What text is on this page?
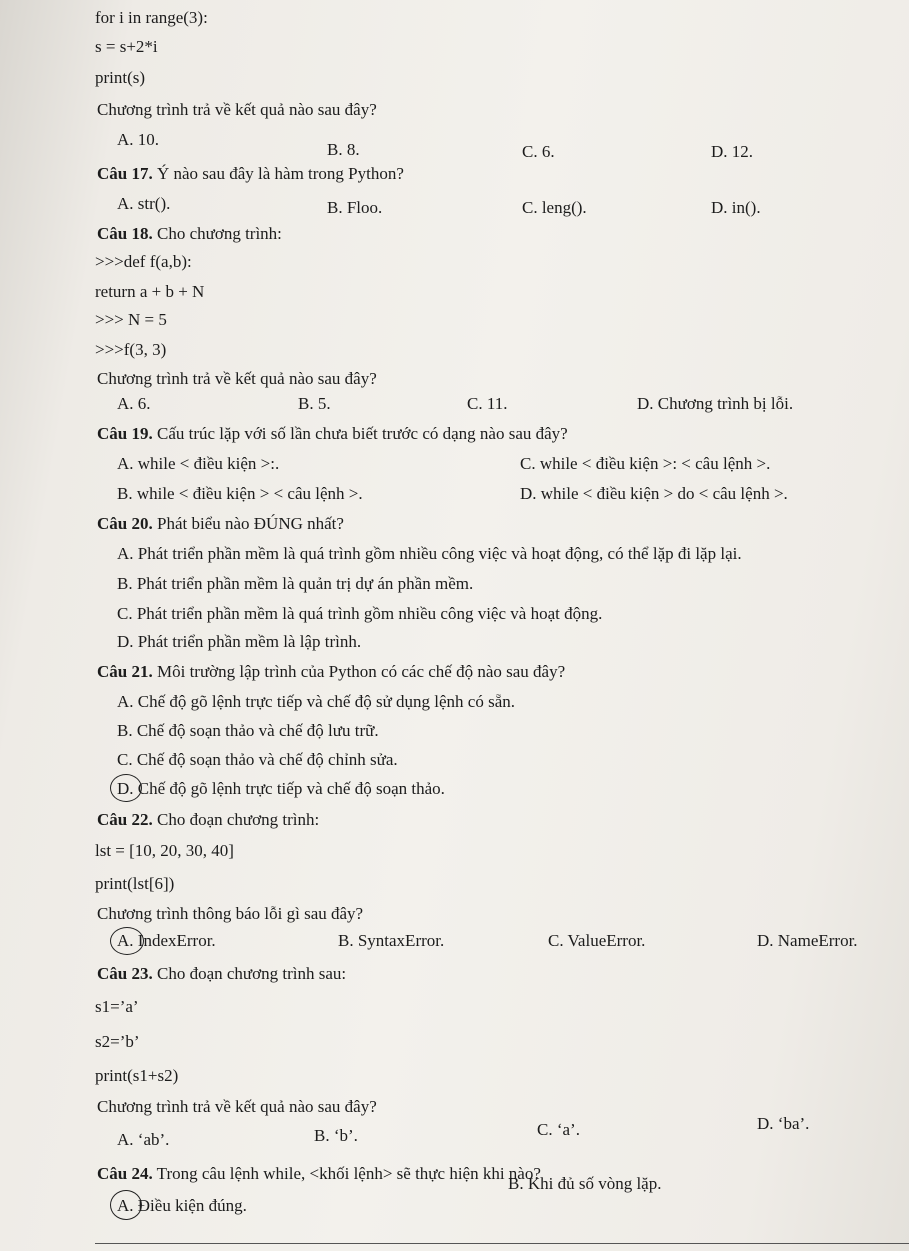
for i in range(3):
s = s+2*i
print(s)
Chương trình trả về kết quả nào sau đây?
A. 10.
B. 8.	C. 6.	D. 12.
Câu 17. Ý nào sau đây là hàm trong Python?
A. str().	B. Floo.	C. leng().	D. in().
Câu 18. Cho chương trình:
>>>def f(a,b):
return a + b + N
>>> N = 5
>>>f(3, 3)
Chương trình trả về kết quả nào sau đây?
A. 6.	B. 5.	C. 11.	D. Chương trình bị lỗi.
Câu 19. Cấu trúc lặp với số lần chưa biết trước có dạng nào sau đây?
A. while < điều kiện >:.	C. while < điều kiện >: < câu lệnh >.
B. while < điều kiện > < câu lệnh >.	D. while < điều kiện > do < câu lệnh >.
Câu 20. Phát biểu nào ĐÚNG nhất?
A. Phát triển phần mềm là quá trình gồm nhiều công việc và hoạt động, có thể lặp đi lặp lại.
B. Phát triển phần mềm là quản trị dự án phần mềm.
C. Phát triển phần mềm là quá trình gồm nhiều công việc và hoạt động.
D. Phát triển phần mềm là lập trình.
Câu 21. Môi trường lập trình của Python có các chế độ nào sau đây?
A. Chế độ gõ lệnh trực tiếp và chế độ sử dụng lệnh có sẵn.
B. Chế độ soạn thảo và chế độ lưu trữ.
C. Chế độ soạn thảo và chế độ chỉnh sửa.
D. Chế độ gõ lệnh trực tiếp và chế độ soạn thảo.
Câu 22. Cho đoạn chương trình:
lst = [10, 20, 30, 40]
print(lst[6])
Chương trình thông báo lỗi gì sau đây?
A. IndexError.	B. SyntaxError.	C. ValueError.	D. NameError.
Câu 23. Cho đoạn chương trình sau:
s1=’a’
s2=’b’
print(s1+s2)
Chương trình trả về kết quả nào sau đây?
A. ‘ab’.	B. ‘b’.	C. ‘a’.	D. ‘ba’.
Câu 24. Trong câu lệnh while, <khối lệnh> sẽ thực hiện khi nào?
A. Điều kiện đúng.
B. Khi đủ số vòng lặp.
